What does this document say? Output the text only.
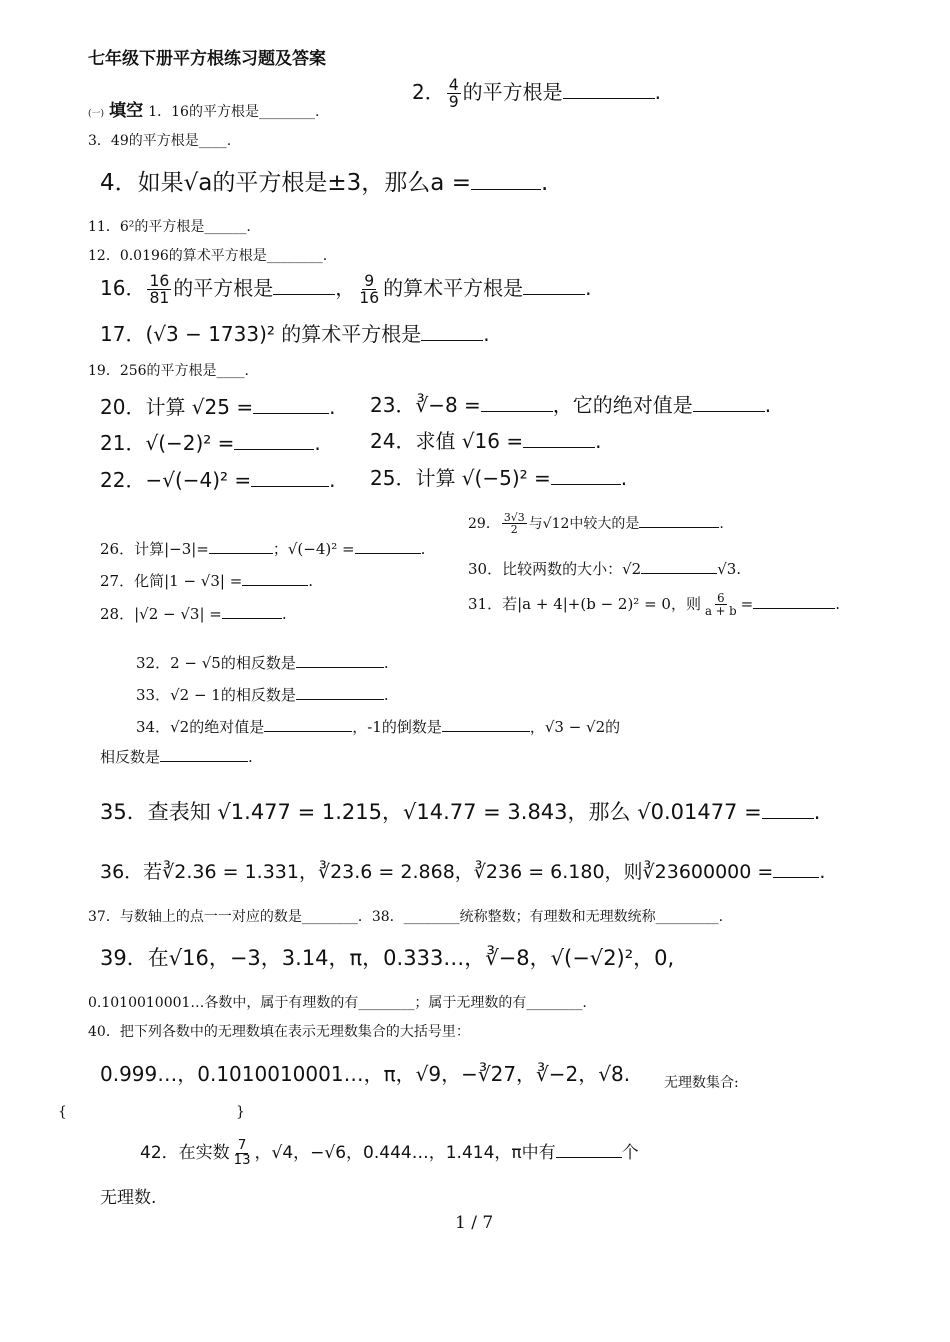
七年级下册平方根练习题及答案
2． $\frac{4}{9}$ 的平方根是	.
(一) 填空 1．16的平方根是________.
3．49的平方根是____.
4．如果√a的平方根是±3，那么a =	.
11．6²的平方根是______.
12．0.0196的算术平方根是________.
16． $\frac{16}{81}$ 的平方根是	， $\frac{9}{16}$ 的算术平方根是	.
17．(√3 − 1733)² 的算术平方根是	.
19．256的平方根是____.
20．计算 √25 =	. 23．∛−8 =	，它的绝对值是	.
21．√(−2)² =	. 24．求值 √16 =	.
22．−√(−4)² =	. 25．计算 √(−5)² =	.
29． $\frac{3√3}{2}$ 与√12中较大的是	.
26．计算|−3|=	；√(−4)² =	.
30．比较两数的大小：√2	√3.
27．化简|1 − √3| =	.
31．若|a + 4|+(b − 2)² = 0，则 $\frac{6}{a + b}$ =	.
28．|√2 − √3| =	.
32．2 − √5的相反数是	.
33．√2 − 1的相反数是	.
34．√2的绝对值是	，-1的倒数是	，√3 − √2的
相反数是	.
35．查表知 √1.477 = 1.215，√14.77 = 3.843，那么 √0.01477 = .
36．若∛2.36 = 1.331，∛23.6 = 2.868，∛236 = 6.180，则∛23600000 = .
37．与数轴上的点一一对应的数是________．38．________统称整数；有理数和无理数统称_________.
39．在√16，−3，3.14，π，0.333…，∛−8，√(−√2)²，0,
0.1010010001…各数中，属于有理数的有________；属于无理数的有________.
40．把下列各数中的无理数填在表示无理数集合的大括号里：
0.999…，0.1010010001…，π，√9，−∛27，∛−2，√8. 无理数集合:
{	}
42．在实数 $\frac{7}{13}$ ，√4，−√6，0.444…，1.414，π中有	个
无理数.
1 / 7
